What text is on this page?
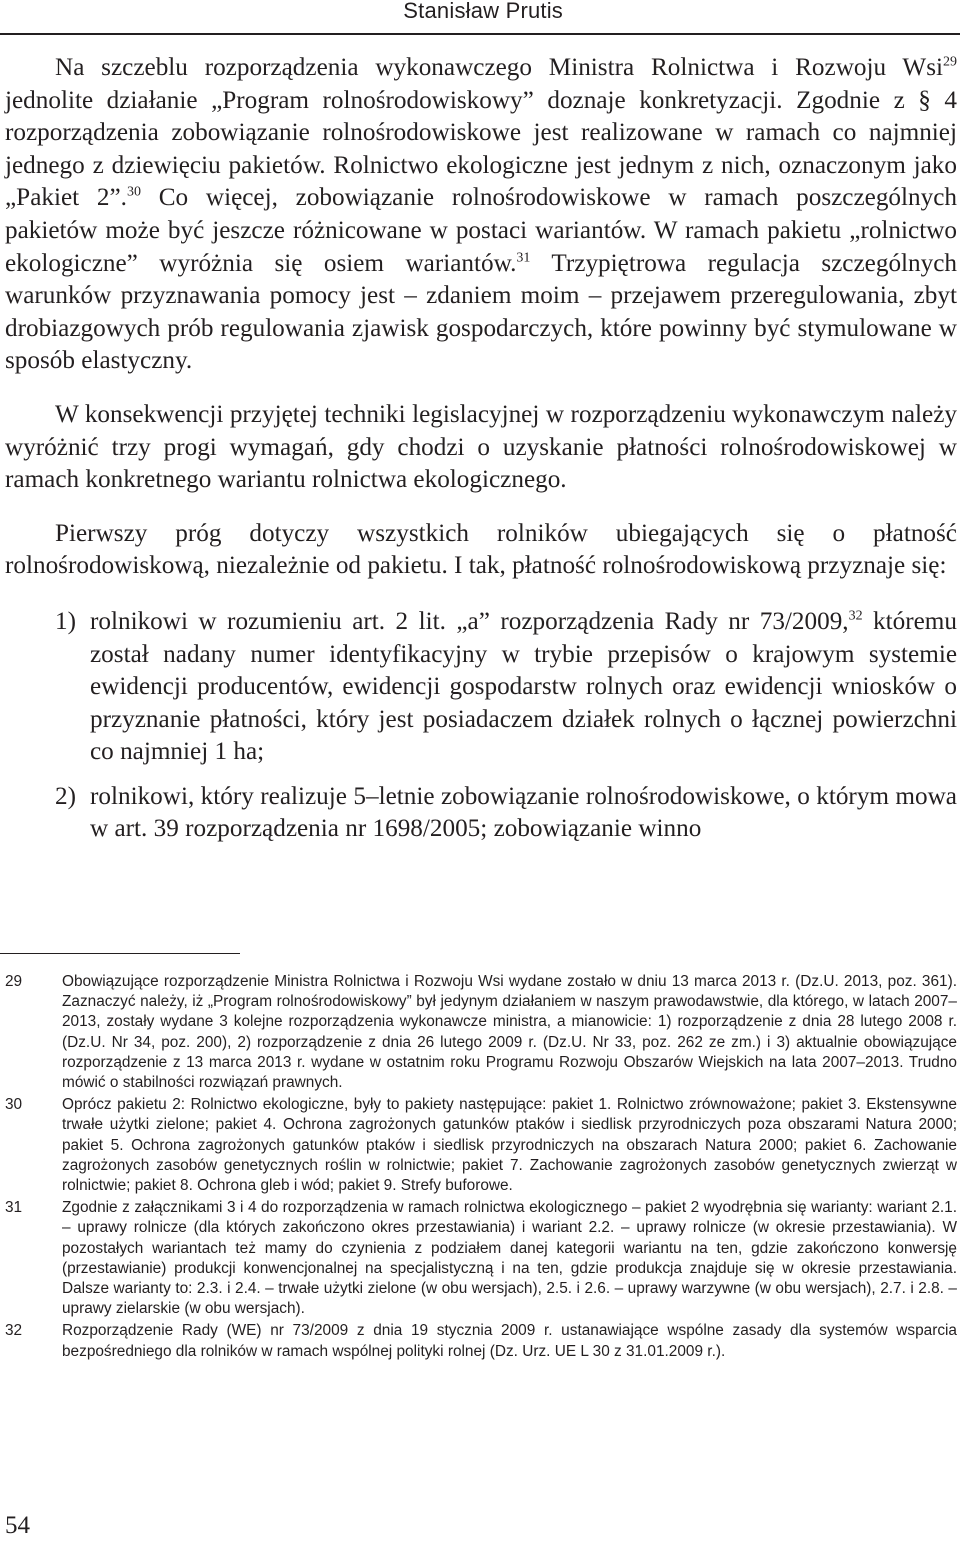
Stanisław Prutis

Na szczeblu rozporządzenia wykonawczego Ministra Rolnictwa i Rozwoju Wsi$^{29}$ jednolite działanie „Program rolnośrodowiskowy” doznaje konkretyzacji. Zgodnie z § 4 rozporządzenia zobowiązanie rolnośrodowiskowe jest realizowane w ramach co najmniej jednego z dziewięciu pakietów. Rolnictwo ekologiczne jest jednym z nich, oznaczonym jako „Pakiet 2”.$^{30}$ Co więcej, zobowiązanie rolnośrodowiskowe w ramach poszczególnych pakietów może być jeszcze różnicowane w postaci wariantów. W ramach pakietu „rolnictwo ekologiczne” wyróżnia się osiem wariantów.$^{31}$ Trzypiętrowa regulacja szczególnych warunków przyznawania pomocy jest – zdaniem moim – przejawem przeregulowania, zbyt drobiazgowych prób regulowania zjawisk gospodarczych, które powinny być stymulowane w sposób elastyczny.

W konsekwencji przyjętej techniki legislacyjnej w rozporządzeniu wykonawczym należy wyróżnić trzy progi wymagań, gdy chodzi o uzyskanie płatności rolnośrodowiskowej w ramach konkretnego wariantu rolnictwa ekologicznego.

Pierwszy próg dotyczy wszystkich rolników ubiegających się o płatność rolnośrodowiskową, niezależnie od pakietu. I tak, płatność rolnośrodowiskową przyznaje się:

1) rolnikowi w rozumieniu art. 2 lit. „a” rozporządzenia Rady nr 73/2009,32 któremu został nadany numer identyfikacyjny w trybie przepisów o krajowym systemie ewidencji producentów, ewidencji gospodarstw rolnych oraz ewidencji wniosków o przyznanie płatności, który jest posiadaczem działek rolnych o łącznej powierzchni co najmniej 1 ha;
2) rolnikowi, który realizuje 5–letnie zobowiązanie rolnośrodowiskowe, o którym mowa w art. 39 rozporządzenia nr 1698/2005; zobowiązanie winno
29	Obowiązujące rozporządzenie Ministra Rolnictwa i Rozwoju Wsi wydane zostało w dniu 13 marca 2013 r. (Dz.U. 2013, poz. 361). Zaznaczyć należy, iż „Program rolnośrodowiskowy” był jedynym działaniem w naszym prawodawstwie, dla którego, w latach 2007–2013, zostały wydane 3 kolejne rozporządzenia wykonawcze ministra, a mianowicie: 1) rozporządzenie z dnia 28 lutego 2008 r. (Dz.U. Nr 34, poz. 200), 2) rozporządzenie z dnia 26 lutego 2009 r. (Dz.U. Nr 33, poz. 262 ze zm.) i 3) aktualnie obowiązujące rozporządzenie z 13 marca 2013 r. wydane w ostatnim roku Programu Rozwoju Obszarów Wiejskich na lata 2007–2013. Trudno mówić o stabilności rozwiązań prawnych.
30	Oprócz pakietu 2: Rolnictwo ekologiczne, były to pakiety następujące: pakiet 1. Rolnictwo zrównoważone; pakiet 3. Ekstensywne trwałe użytki zielone; pakiet 4. Ochrona zagrożonych gatunków ptaków i siedlisk przyrodniczych poza obszarami Natura 2000; pakiet 5. Ochrona zagrożonych gatunków ptaków i siedlisk przyrodniczych na obszarach Natura 2000; pakiet 6. Zachowanie zagrożonych zasobów genetycznych roślin w rolnictwie; pakiet 7. Zachowanie zagrożonych zasobów genetycznych zwierząt w rolnictwie; pakiet 8. Ochrona gleb i wód; pakiet 9. Strefy buforowe.
31	Zgodnie z załącznikami 3 i 4 do rozporządzenia w ramach rolnictwa ekologicznego – pakiet 2 wyodrębnia się warianty: wariant 2.1. – uprawy rolnicze (dla których zakończono okres przestawiania) i wariant 2.2. – uprawy rolnicze (w okresie przestawiania). W pozostałych wariantach też mamy do czynienia z podziałem danej kategorii wariantu na ten, gdzie zakończono konwersję (przestawianie) produkcji konwencjonalnej na specjalistyczną i na ten, gdzie produkcja znajduje się w okresie przestawiania. Dalsze warianty to: 2.3. i 2.4. – trwałe użytki zielone (w obu wersjach), 2.5. i 2.6. – uprawy warzywne (w obu wersjach), 2.7. i 2.8. – uprawy zielarskie (w obu wersjach).
32	Rozporządzenie Rady (WE) nr 73/2009 z dnia 19 stycznia 2009 r. ustanawiające wspólne zasady dla systemów wsparcia bezpośredniego dla rolników w ramach wspólnej polityki rolnej (Dz. Urz. UE L 30 z 31.01.2009 r.).
54
